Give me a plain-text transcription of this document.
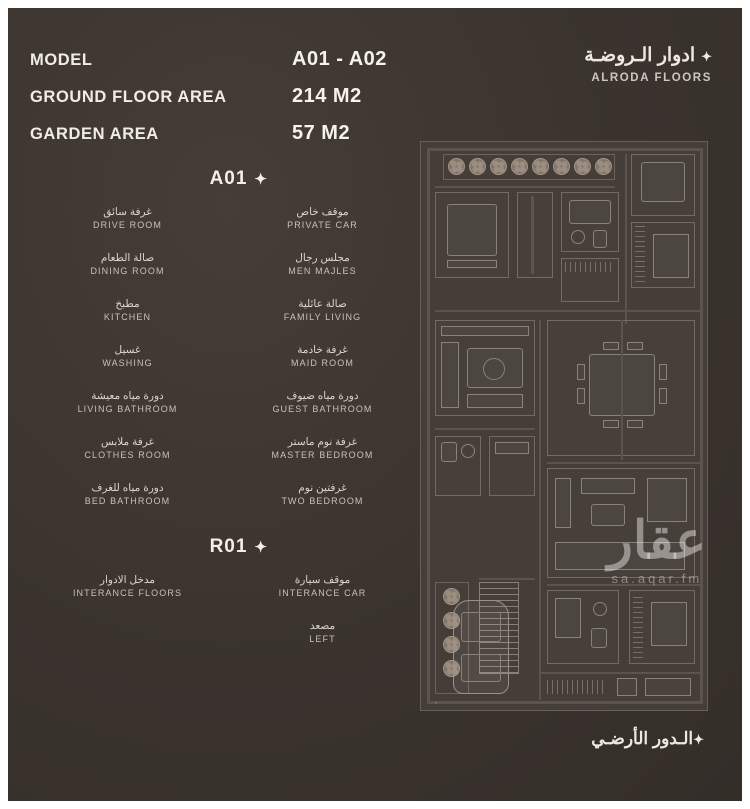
MODEL	A01 - A02
GROUND FLOOR AREA	214 M2
GARDEN AREA	57 M2
✦ادوار الـروضـة
ALRODA FLOORS
A01 ✦
غرفة سائق
DRIVE ROOM
موقف خاص
PRIVATE CAR
صالة الطعام
DINING ROOM
مجلس رجال
MEN MAJLES
مطبخ
KITCHEN
صالة عائلية
FAMILY LIVING
غسيل
WASHING
غرفة خادمة
MAID ROOM
دورة مياه معيشة
LIVING BATHROOM
دورة مياه ضيوف
GUEST BATHROOM
غرفة ملابس
CLOTHES ROOM
غرفة نوم ماستر
MASTER BEDROOM
دورة مياه للغرف
BED BATHROOM
غرفتين نوم
TWO BEDROOM
R01 ✦
مدخل الادوار
INTERANCE FLOORS
موقف سيارة
INTERANCE CAR
مصعد
LEFT
عقار
sa.aqar.fm
✦الـدور الأرضـي
